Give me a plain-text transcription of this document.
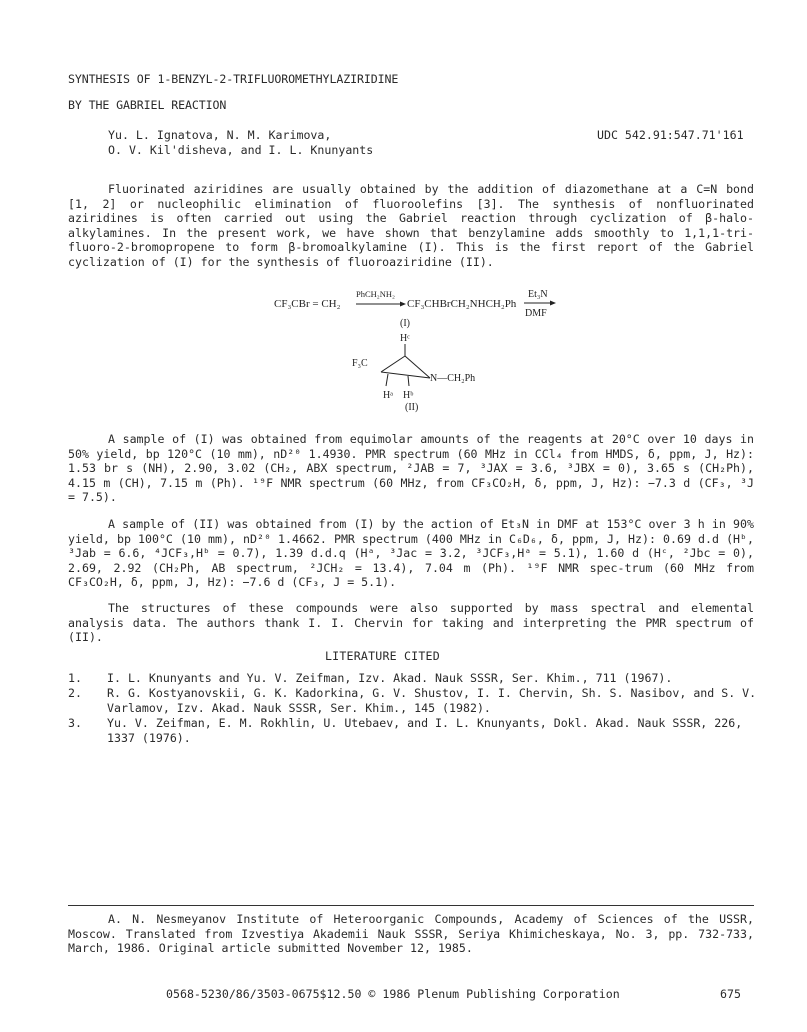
SYNTHESIS OF 1-BENZYL-2-TRIFLUOROMETHYLAZIRIDINE
BY THE GABRIEL REACTION
Yu. L. Ignatova, N. M. Karimova,
O. V. Kil'disheva, and I. L. Knunyants
UDC 542.91:547.71'161
Fluorinated aziridines are usually obtained by the addition of diazomethane at a C=N bond [1, 2] or nucleophilic elimination of fluoroolefins [3]. The synthesis of nonfluorinated aziridines is often carried out using the Gabriel reaction through cyclization of β-halo-alkylamines. In the present work, we have shown that benzylamine adds smoothly to 1,1,1-tri-fluoro-2-bromopropene to form β-bromoalkylamine (I). This is the first report of the Gabriel cyclization of (I) for the synthesis of fluoroaziridine (II).
CF₃CBr = CH₂
PhCH₂NH₂
CF₃CHBrCH₂NHCH₂Ph
Et₃N
DMF
(I)
Hᶜ
F₃C
N—CH₂Ph
Hᵃ Hᵇ
(II)
A sample of (I) was obtained from equimolar amounts of the reagents at 20°C over 10 days in 50% yield, bp 120°C (10 mm), nD²⁰ 1.4930. PMR spectrum (60 MHz in CCl₄ from HMDS, δ, ppm, J, Hz): 1.53 br s (NH), 2.90, 3.02 (CH₂, ABX spectrum, ²JAB = 7, ³JAX = 3.6, ³JBX = 0), 3.65 s (CH₂Ph), 4.15 m (CH), 7.15 m (Ph). ¹⁹F NMR spectrum (60 MHz, from CF₃CO₂H, δ, ppm, J, Hz): −7.3 d (CF₃, ³J = 7.5).
A sample of (II) was obtained from (I) by the action of Et₃N in DMF at 153°C over 3 h in 90% yield, bp 100°C (10 mm), nD²⁰ 1.4662. PMR spectrum (400 MHz in C₆D₆, δ, ppm, J, Hz): 0.69 d.d (Hᵇ, ³Jab = 6.6, ⁴JCF₃,Hᵇ = 0.7), 1.39 d.d.q (Hᵃ, ³Jac = 3.2, ³JCF₃,Hᵃ = 5.1), 1.60 d (Hᶜ, ²Jbc = 0), 2.69, 2.92 (CH₂Ph, AB spectrum, ²JCH₂ = 13.4), 7.04 m (Ph). ¹⁹F NMR spec-trum (60 MHz from CF₃CO₂H, δ, ppm, J, Hz): −7.6 d (CF₃, J = 5.1).
The structures of these compounds were also supported by mass spectral and elemental analysis data. The authors thank I. I. Chervin for taking and interpreting the PMR spectrum of (II).
LITERATURE CITED
1. I. L. Knunyants and Yu. V. Zeifman, Izv. Akad. Nauk SSSR, Ser. Khim., 711 (1967).
2. R. G. Kostyanovskii, G. K. Kadorkina, G. V. Shustov, I. I. Chervin, Sh. S. Nasibov, and S. V. Varlamov, Izv. Akad. Nauk SSSR, Ser. Khim., 145 (1982).
3. Yu. V. Zeifman, E. M. Rokhlin, U. Utebaev, and I. L. Knunyants, Dokl. Akad. Nauk SSSR, 226, 1337 (1976).
A. N. Nesmeyanov Institute of Heteroorganic Compounds, Academy of Sciences of the USSR, Moscow. Translated from Izvestiya Akademii Nauk SSSR, Seriya Khimicheskaya, No. 3, pp. 732-733, March, 1986. Original article submitted November 12, 1985.
0568-5230/86/3503-0675$12.50 © 1986 Plenum Publishing Corporation	675
